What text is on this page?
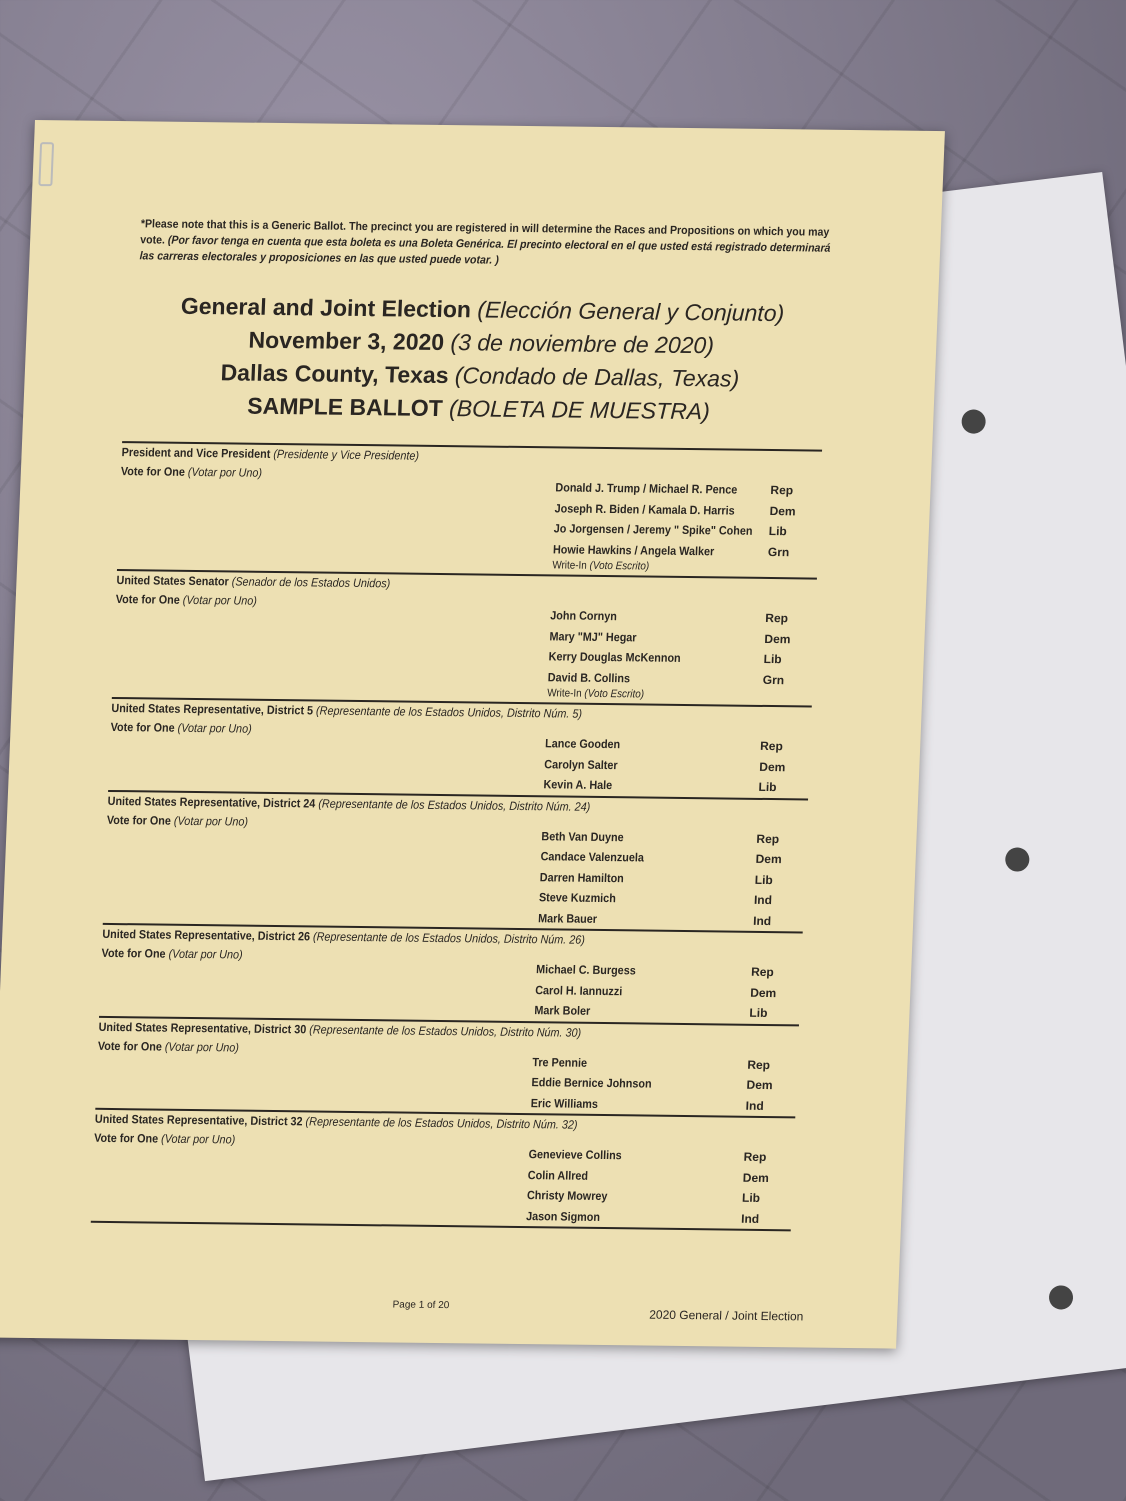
*Please note that this is a Generic Ballot. The precinct you are registered in will determine the Races and Propositions on which you may vote. (Por favor tenga en cuenta que esta boleta es una Boleta Genérica. El precinto electoral en el que usted está registrado determinará las carreras electorales y proposiciones en las que usted puede votar. )
General and Joint Election (Elección General y Conjunto)
November 3, 2020 (3 de noviembre de 2020)
Dallas County, Texas (Condado de Dallas, Texas)
SAMPLE BALLOT (BOLETA DE MUESTRA)
President and Vice President (Presidente y Vice Presidente)
Vote for One (Votar por Uno)
Donald J. Trump / Michael R. Pence	Rep
Joseph R. Biden / Kamala D. Harris	Dem
Jo Jorgensen / Jeremy " Spike" Cohen Lib
Howie Hawkins / Angela Walker	Grn
Write-In (Voto Escrito)
United States Senator (Senador de los Estados Unidos)
Vote for One (Votar por Uno)
John Cornyn	Rep
Mary "MJ" Hegar	Dem
Kerry Douglas McKennon	Lib
David B. Collins	Grn
Write-In (Voto Escrito)
United States Representative, District 5 (Representante de los Estados Unidos, Distrito Núm. 5)
Vote for One (Votar por Uno)
Lance Gooden	Rep
Carolyn Salter	Dem
Kevin A. Hale	Lib
United States Representative, District 24 (Representante de los Estados Unidos, Distrito Núm. 24)
Vote for One (Votar por Uno)
Beth Van Duyne	Rep
Candace Valenzuela	Dem
Darren Hamilton	Lib
Steve Kuzmich	Ind
Mark Bauer	Ind
United States Representative, District 26 (Representante de los Estados Unidos, Distrito Núm. 26)
Vote for One (Votar por Uno)
Michael C. Burgess	Rep
Carol H. Iannuzzi	Dem
Mark Boler	Lib
United States Representative, District 30 (Representante de los Estados Unidos, Distrito Núm. 30)
Vote for One (Votar por Uno)
Tre Pennie	Rep
Eddie Bernice Johnson	Dem
Eric Williams	Ind
United States Representative, District 32 (Representante de los Estados Unidos, Distrito Núm. 32)
Vote for One (Votar por Uno)
Genevieve Collins	Rep
Colin Allred	Dem
Christy Mowrey	Lib
Jason Sigmon	Ind
Page 1 of 20
2020 General / Joint Election
